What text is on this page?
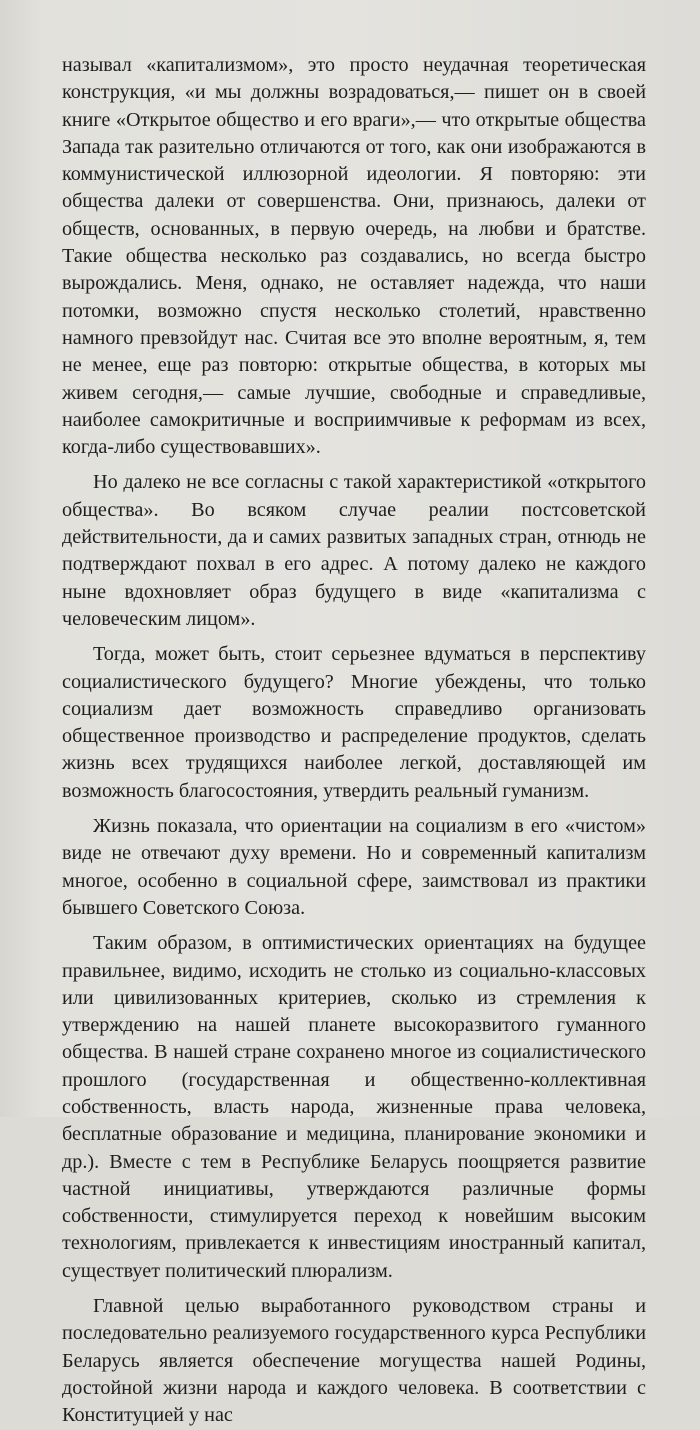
называл «капитализмом», это просто неудачная теоретическая конструкция, «и мы должны возрадоваться,— пишет он в своей книге «Открытое общество и его враги»,— что открытые общества Запада так разительно отличаются от того, как они изображаются в коммунистической иллюзорной идеологии. Я повторяю: эти общества далеки от совершенства. Они, признаюсь, далеки от обществ, основанных, в первую очередь, на любви и братстве. Такие общества несколько раз создавались, но всегда быстро вырождались. Меня, однако, не оставляет надежда, что наши потомки, возможно спустя несколько столетий, нравственно намного превзойдут нас. Считая все это вполне вероятным, я, тем не менее, еще раз повторю: открытые общества, в которых мы живем сегодня,— самые лучшие, свободные и справедливые, наиболее самокритичные и восприимчивые к реформам из всех, когда-либо существовавших».

Но далеко не все согласны с такой характеристикой «открытого общества». Во всяком случае реалии постсоветской действительности, да и самих развитых западных стран, отнюдь не подтверждают похвал в его адрес. А потому далеко не каждого ныне вдохновляет образ будущего в виде «капитализма с человеческим лицом».

Тогда, может быть, стоит серьезнее вдуматься в перспективу социалистического будущего? Многие убеждены, что только социализм дает возможность справедливо организовать общественное производство и распределение продуктов, сделать жизнь всех трудящихся наиболее легкой, доставляющей им возможность благосостояния, утвердить реальный гуманизм.

Жизнь показала, что ориентации на социализм в его «чистом» виде не отвечают духу времени. Но и современный капитализм многое, особенно в социальной сфере, заимствовал из практики бывшего Советского Союза.

Таким образом, в оптимистических ориентациях на будущее правильнее, видимо, исходить не столько из социально-классовых или цивилизованных критериев, сколько из стремления к утверждению на нашей планете высокоразвитого гуманного общества. В нашей стране сохранено многое из социалистического прошлого (государственная и общественно-коллективная собственность, власть народа, жизненные права человека, бесплатные образование и медицина, планирование экономики и др.). Вместе с тем в Республике Беларусь поощряется развитие частной инициативы, утверждаются различные формы собственности, стимулируется переход к новейшим высоким технологиям, привлекается к инвестициям иностранный капитал, существует политический плюрализм.

Главной целью выработанного руководством страны и последовательно реализуемого государственного курса Республики Беларусь является обеспечение могущества нашей Родины, достойной жизни народа и каждого человека. В соответствии с Конституцией у нас
